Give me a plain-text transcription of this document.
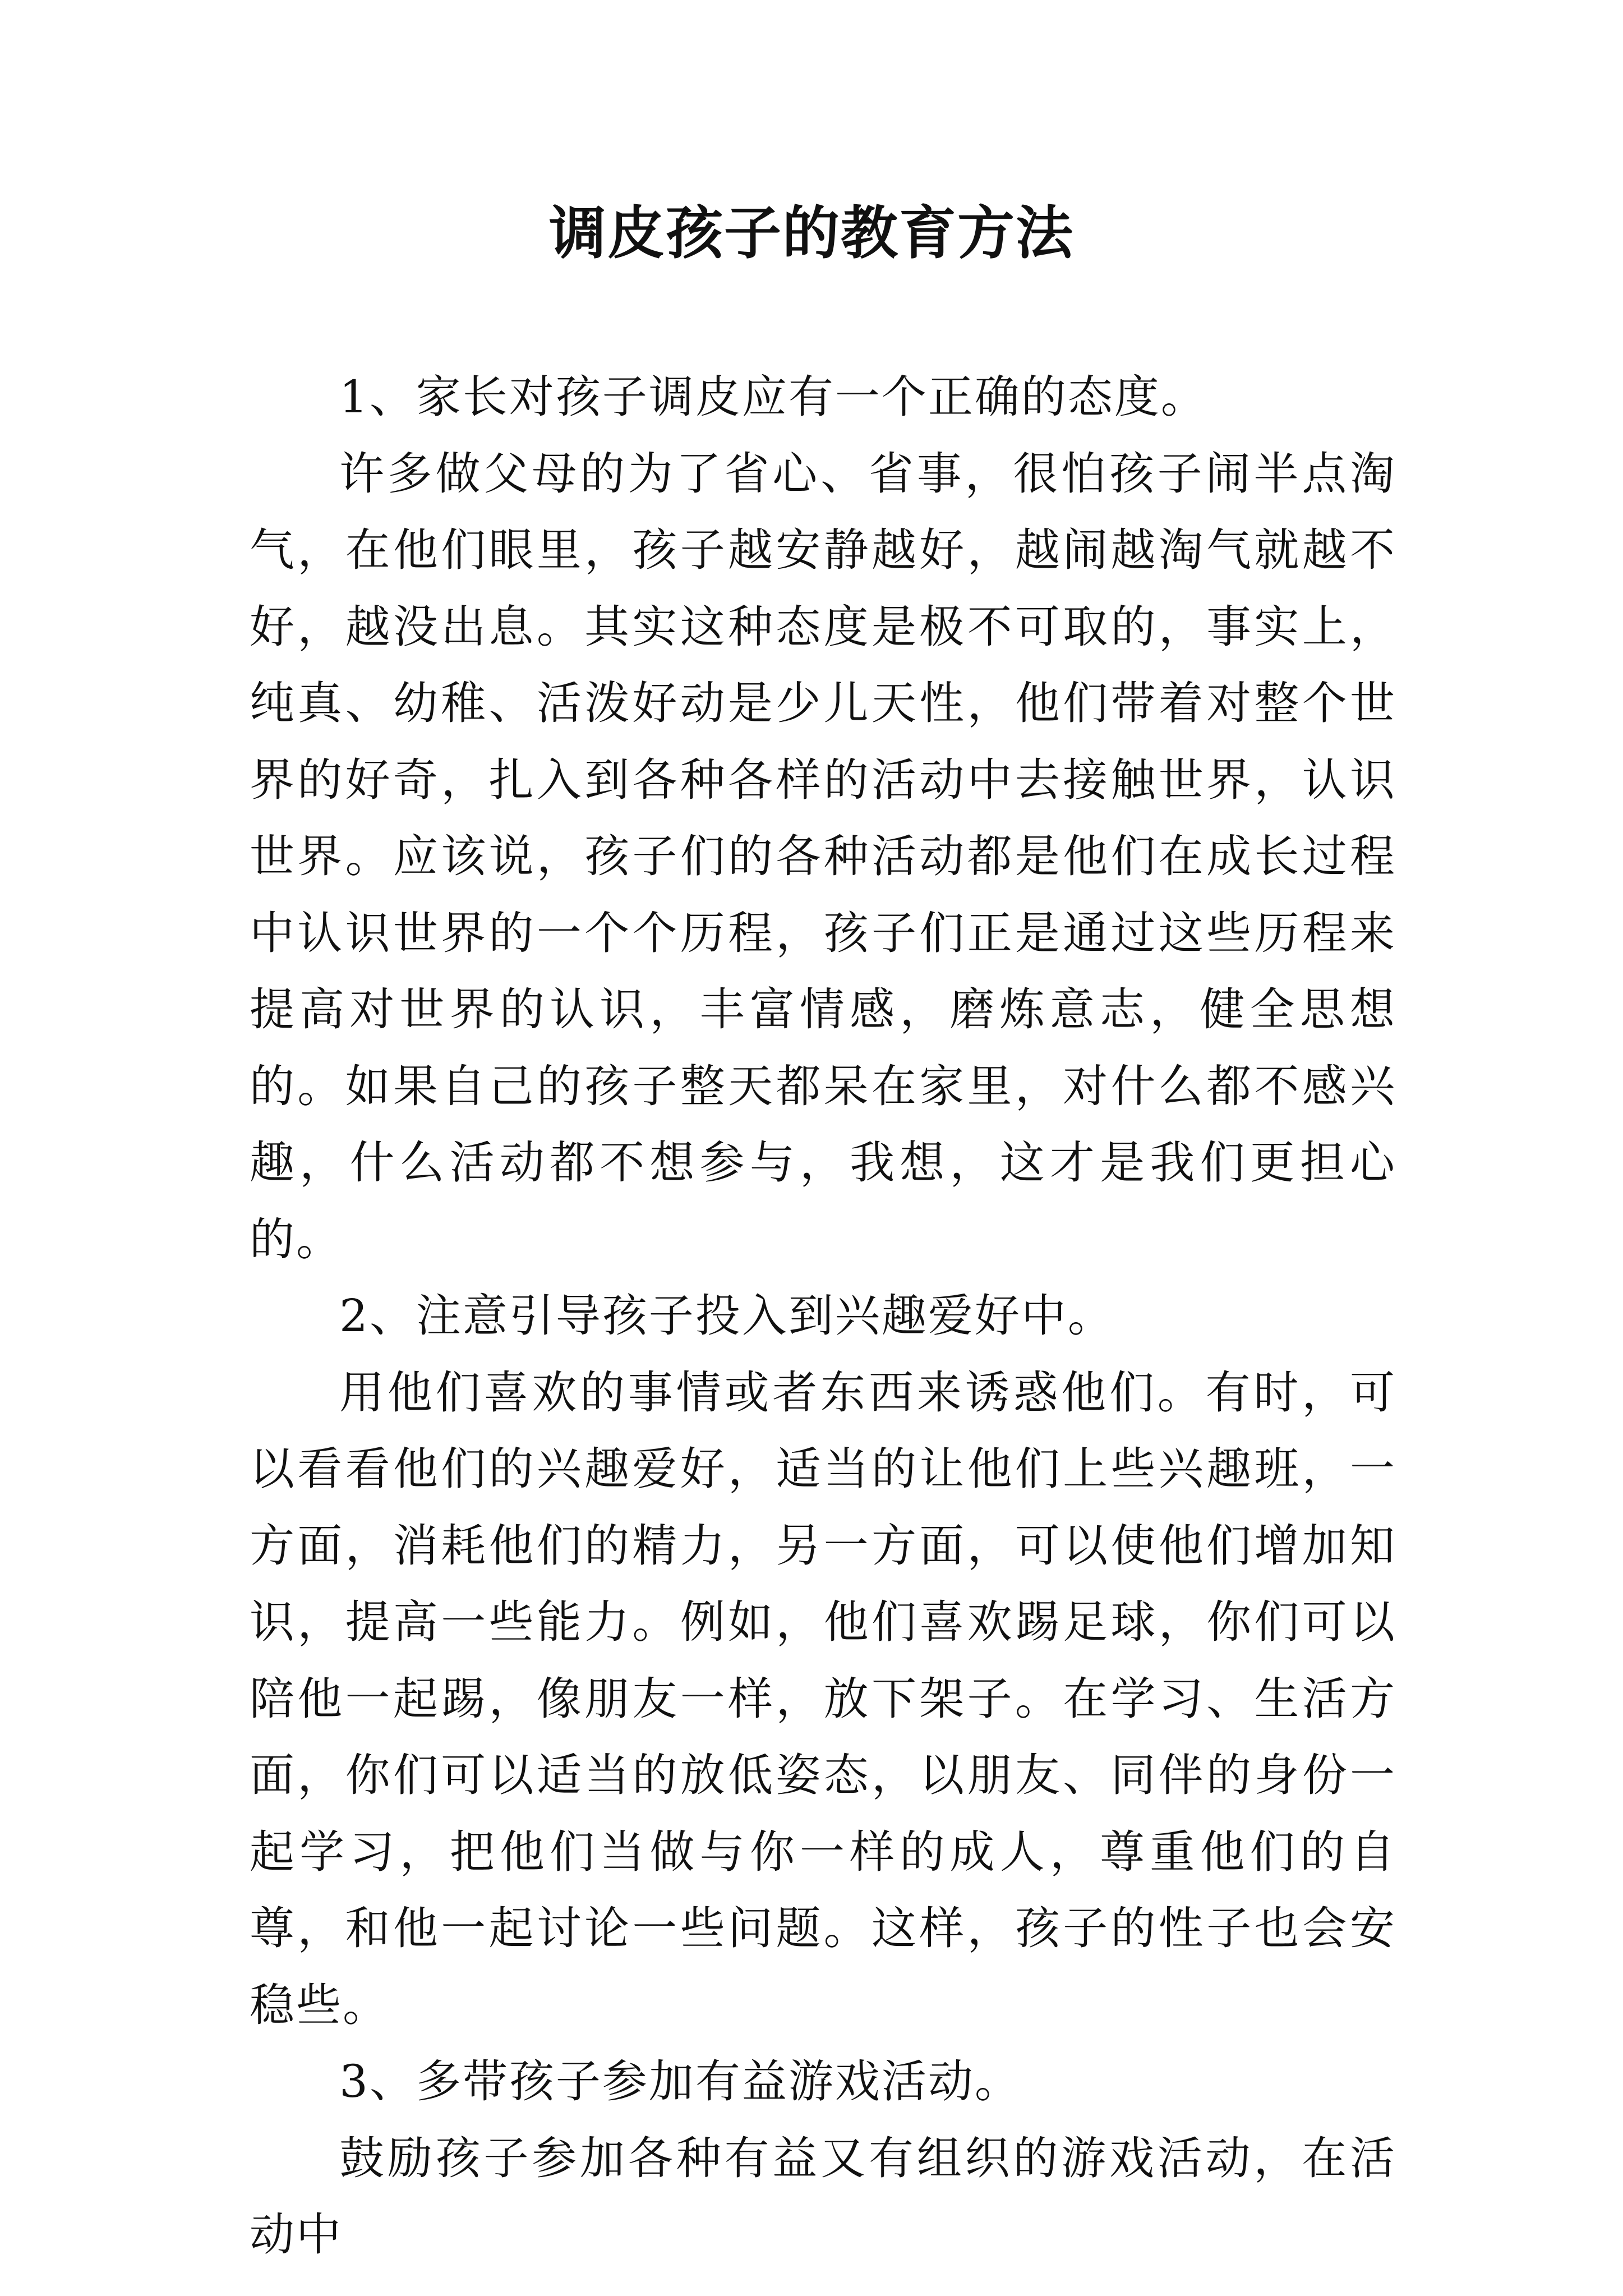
调皮孩子的教育方法

1、家长对孩子调皮应有一个正确的态度。

许多做父母的为了省心、省事，很怕孩子闹半点淘气，在他们眼里，孩子越安静越好，越闹越淘气就越不好，越没出息。其实这种态度是极不可取的，事实上，纯真、幼稚、活泼好动是少儿天性，他们带着对整个世界的好奇，扎入到各种各样的活动中去接触世界，认识世界。应该说，孩子们的各种活动都是他们在成长过程中认识世界的一个个历程，孩子们正是通过这些历程来提高对世界的认识，丰富情感，磨炼意志，健全思想的。如果自己的孩子整天都呆在家里，对什么都不感兴趣，什么活动都不想参与，我想，这才是我们更担心的。

2、注意引导孩子投入到兴趣爱好中。

用他们喜欢的事情或者东西来诱惑他们。有时，可以看看他们的兴趣爱好，适当的让他们上些兴趣班，一方面，消耗他们的精力，另一方面，可以使他们增加知识，提高一些能力。例如，他们喜欢踢足球，你们可以陪他一起踢，像朋友一样，放下架子。在学习、生活方面，你们可以适当的放低姿态，以朋友、同伴的身份一起学习，把他们当做与你一样的成人，尊重他们的自尊，和他一起讨论一些问题。这样，孩子的性子也会安稳些。

3、多带孩子参加有益游戏活动。

鼓励孩子参加各种有益又有组织的游戏活动，在活动中
